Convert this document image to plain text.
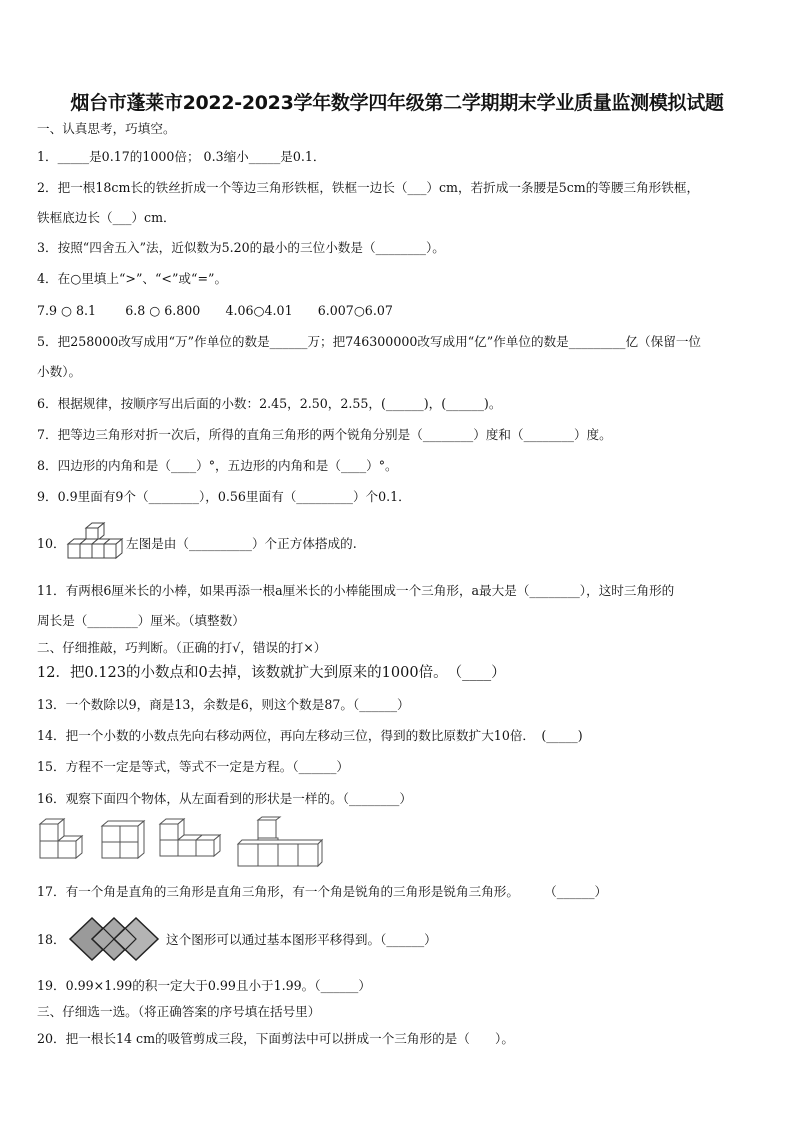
烟台市蓬莱市2022-2023学年数学四年级第二学期期末学业质量监测模拟试题
一、认真思考，巧填空。
1．_____是0.17的1000倍； 0.3缩小_____是0.1．
2．把一根18cm长的铁丝折成一个等边三角形铁框，铁框一边长（___）cm，若折成一条腰是5cm的等腰三角形铁框，
铁框底边长（___）cm．
3．按照“四舍五入”法，近似数为5.20的最小的三位小数是（________）。
4．在○里填上“>”、“<”或“=”。
7.9 ○ 8.1　　 6.8 ○ 6.800　　4.06○4.01　　6.007○6.07
5．把258000改写成用“万”作单位的数是______万；把746300000改写成用“亿”作单位的数是_________亿（保留一位
小数）。
6．根据规律，按顺序写出后面的小数：2.45，2.50，2.55，(______)，(______)。
7．把等边三角形对折一次后，所得的直角三角形的两个锐角分别是（________）度和（________）度。
8．四边形的内角和是（____）°，五边形的内角和是（____）°。
9．0.9里面有9个（________），0.56里面有（_________）个0.1．
10．	左图是由（__________）个正方体搭成的.
11．有两根6厘米长的小棒，如果再添一根a厘米长的小棒能围成一个三角形，a最大是（________），这时三角形的
周长是（________）厘米。（填整数）
二、仔细推敲，巧判断。（正确的打√，错误的打×）
12．把0.123的小数点和0去掉，该数就扩大到原来的1000倍。　（____）
13．一个数除以9，商是13，余数是6，则这个数是87。（______）
14．把一个小数的小数点先向右移动两位，再向左移动三位，得到的数比原数扩大10倍．　(_____)
15．方程不一定是等式，等式不一定是方程。（______）
16．观察下面四个物体，从左面看到的形状是一样的。（________）
17．有一个角是直角的三角形是直角三角形，有一个角是锐角的三角形是锐角三角形。　　　（______）
18．	这个图形可以通过基本图形平移得到。（______）
19．0.99×1.99的积一定大于0.99且小于1.99。（______）
三、仔细选一选。（将正确答案的序号填在括号里）
20．把一根长14 cm的吸管剪成三段，下面剪法中可以拼成一个三角形的是（　　）。
